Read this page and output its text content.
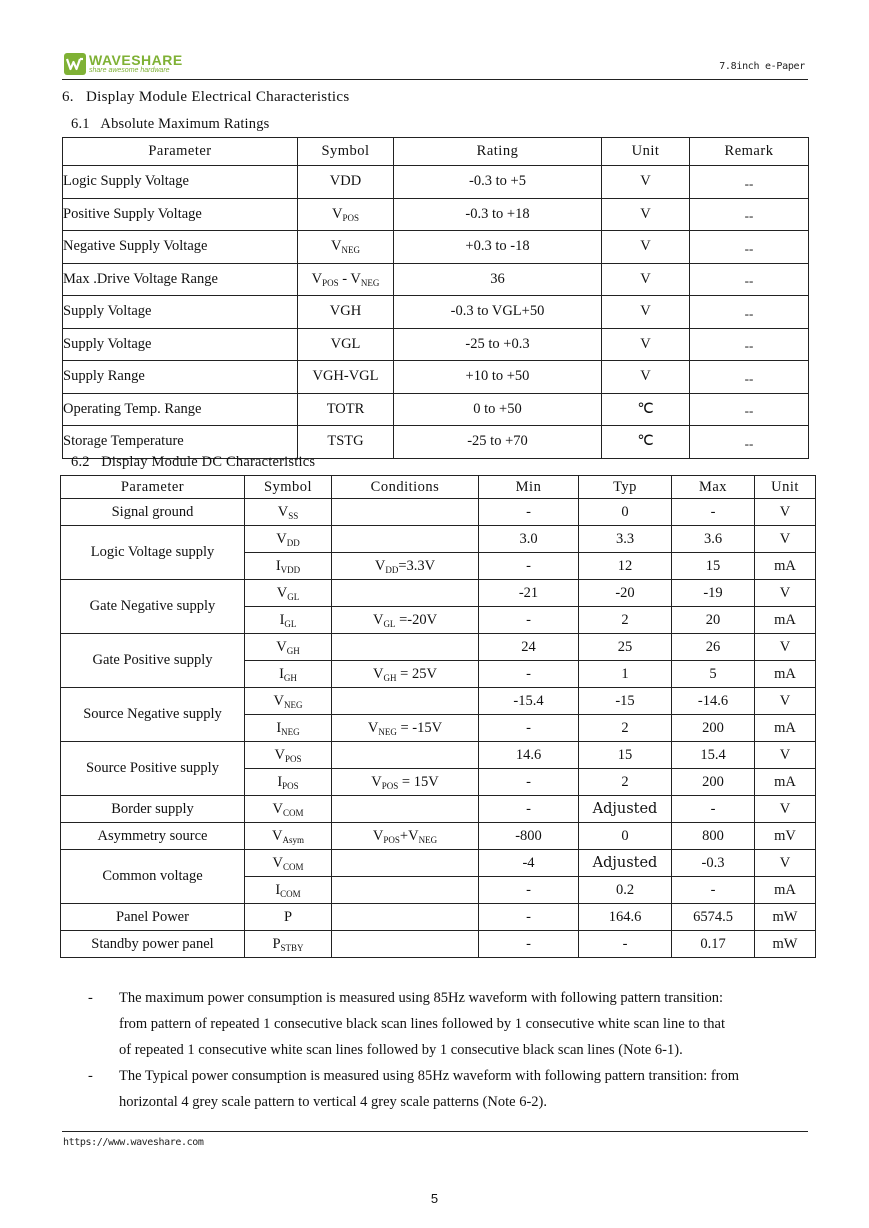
WAVESHARE
share awesome hardware	7.8inch e-Paper
6. Display Module Electrical Characteristics
6.1   Absolute Maximum Ratings
Parameter	Symbol	Rating	Unit	Remark
Logic Supply Voltage	VDD	-0.3 to +5	V	--
Positive Supply Voltage	$V_{POS}$	-0.3 to +18	V	--
Negative Supply Voltage	$V_{NEG}$	+0.3 to -18	V	--
Max .Drive Voltage Range	$V_{POS} - V_{NEG}$	36	V	--
Supply Voltage	VGH	-0.3 to VGL+50	V	--
Supply Voltage	VGL	-25 to +0.3	V	--
Supply Range	VGH-VGL	+10 to +50	V	--
Operating Temp. Range	TOTR	0 to +50	℃	--
Storage Temperature	TSTG	-25 to +70	℃	--
6.2   Display Module DC Characteristics
Parameter	Symbol	Conditions	Min	Typ	Max	Unit
Signal ground	$V_{SS}$		-	0	-	V
Logic Voltage supply	$V_{DD}$		3.0	3.3	3.6	V
	$I_{VDD}$	$V_{DD}=3.3V$	-	12	15	mA
Gate Negative supply	$V_{GL}$		-21	-20	-19	V
	$I_{GL}$	$V_{GL} =-20V$	-	2	20	mA
Gate Positive supply	$V_{GH}$		24	25	26	V
	$I_{GH}$	$V_{GH} = 25V$	-	1	5	mA
Source Negative supply	$V_{NEG}$		-15.4	-15	-14.6	V
	$I_{NEG}$	$V_{NEG} = -15V$	-	2	200	mA
Source Positive supply	$V_{POS}$		14.6	15	15.4	V
	$I_{POS}$	$V_{POS} = 15V$	-	2	200	mA
Border supply	$V_{COM}$		-	Adjusted	-	V
Asymmetry source	$V_{Asym}$	$V_{POS}+V_{NEG}$	-800	0	800	mV
Common voltage	$V_{COM}$		-4	Adjusted	-0.3	V
	$I_{COM}$		-	0.2	-	mA
Panel Power	P		-	164.6	6574.5	mW
Standby power panel	$P_{STBY}$		-	-	0.17	mW
- The maximum power consumption is measured using 85Hz waveform with following pattern transition:
from pattern of repeated 1 consecutive black scan lines followed by 1 consecutive white scan line to that
of repeated 1 consecutive white scan lines followed by 1 consecutive black scan lines (Note 6-1).
- The Typical power consumption is measured using 85Hz waveform with following pattern transition: from
horizontal 4 grey scale pattern to vertical 4 grey scale patterns (Note 6-2).
https://www.waveshare.com
5
